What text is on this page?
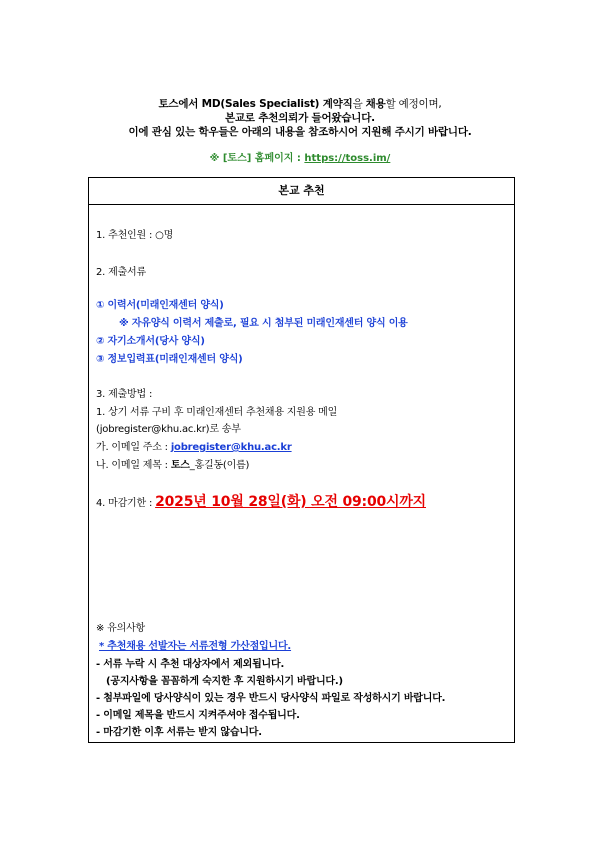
토스에서 MD(Sales Specialist) 계약직을 채용할 예정이며,
본교로 추천의뢰가 들어왔습니다.
이에 관심 있는 학우들은 아래의 내용을 참조하시어 지원해 주시기 바랍니다.
※ [토스] 홈페이지 : https://toss.im/
본교 추천
1. 추천인원 : ○명
2. 제출서류
① 이력서(미래인재센터 양식)
※ 자유양식 이력서 제출로, 필요 시 첨부된 미래인재센터 양식 이용
② 자기소개서(당사 양식)
③ 정보입력표(미래인재센터 양식)
3. 제출방법 :
1. 상기 서류 구비 후 미래인재센터 추천채용 지원용 메일
(jobregister@khu.ac.kr)로 송부
가. 이메일 주소 : jobregister@khu.ac.kr
나. 이메일 제목 : 토스_홍길동(이름)
4. 마감기한 : 2025년 10월 28일(화) 오전 09:00시까지
※ 유의사항
* 추천채용 선발자는 서류전형 가산점입니다.
- 서류 누락 시 추천 대상자에서 제외됩니다.
(공지사항을 꼼꼼하게 숙지한 후 지원하시기 바랍니다.)
- 첨부파일에 당사양식이 있는 경우 반드시 당사양식 파일로 작성하시기 바랍니다.
- 이메일 제목을 반드시 지켜주셔야 접수됩니다.
- 마감기한 이후 서류는 받지 않습니다.
